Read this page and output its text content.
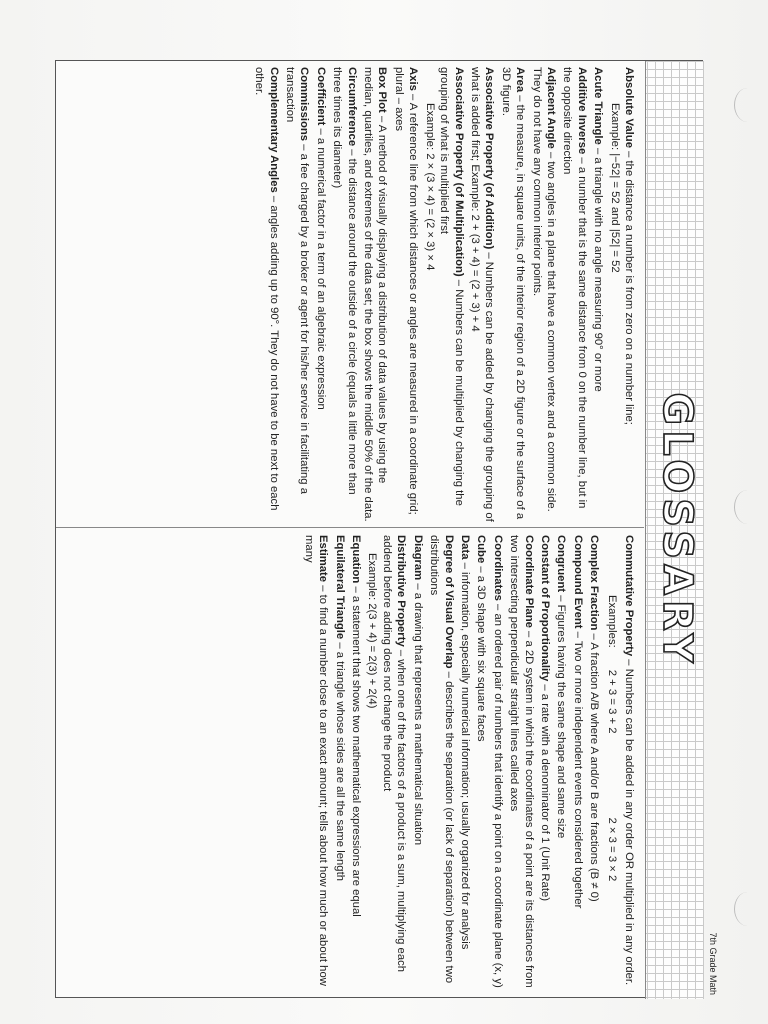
GLOSSARY
7th Grade Math
Absolute Value – the distance a number is from zero on a number line;
Example: |−52| = 52 and |52| = 52
Acute Triangle – a triangle with no angle measuring 90° or more
Additive Inverse – a number that is the same distance from 0 on the number line, but in the opposite direction
Adjacent Angle – two angles in a plane that have a common vertex and a common side. They do not have any common interior points.
Area – the measure, in square units, of the interior region of a 2D figure or the surface of a 3D figure.
Associative Property (of Addition) – Numbers can be added by changing the grouping of what is added first; Example: 2 + (3 + 4) = (2 + 3) + 4
Associative Property (of Multiplication) – Numbers can be multiplied by changing the grouping of what is multiplied first
Example: 2 × (3 × 4) = (2 × 3) × 4
Axis – A reference line from which distances or angles are measured in a coordinate grid; plural – axes
Box Plot – A method of visually displaying a distribution of data values by using the median, quartiles, and extremes of the data set; the box shows the middle 50% of the data.
Circumference – the distance around the outside of a circle (equals a little more than three times its diameter)
Coefficient – a numerical factor in a term of an algebraic expression
Commissions – a fee charged by a broker or agent for his/her service in facilitating a transaction
Complementary Angles – angles adding up to 90°. They do not have to be next to each other.
Commutative Property – Numbers can be added in any order OR multiplied in any order.
Examples:2 + 3 = 3 + 22 × 3 = 3 × 2
Complex Fraction – A fraction A/B where A and/or B are fractions (B ≠ 0)
Compound Event – Two or more independent events considered together
Congruent – Figures having the same shape and same size
Constant of Proportionality – a rate with a denominator of 1 (Unit Rate)
Coordinate Plane – a 2D system in which the coordinates of a point are its distances from two intersecting perpendicular straight lines called axes
Coordinates – an ordered pair of numbers that identify a point on a coordinate plane (x, y)
Cube – a 3D shape with six square faces
Data – information, especially numerical information; usually organized for analysis
Degree of Visual Overlap – describes the separation (or lack of separation) between two distributions
Diagram – a drawing that represents a mathematical situation
Distributive Property – when one of the factors of a product is a sum, multiplying each addend before adding does not change the product
Example: 2(3 + 4) = 2(3) + 2(4)
Equation – a statement that shows two mathematical expressions are equal
Equilateral Triangle – a triangle whose sides are all the same length
Estimate – to find a number close to an exact amount; tells about how much or about how many
